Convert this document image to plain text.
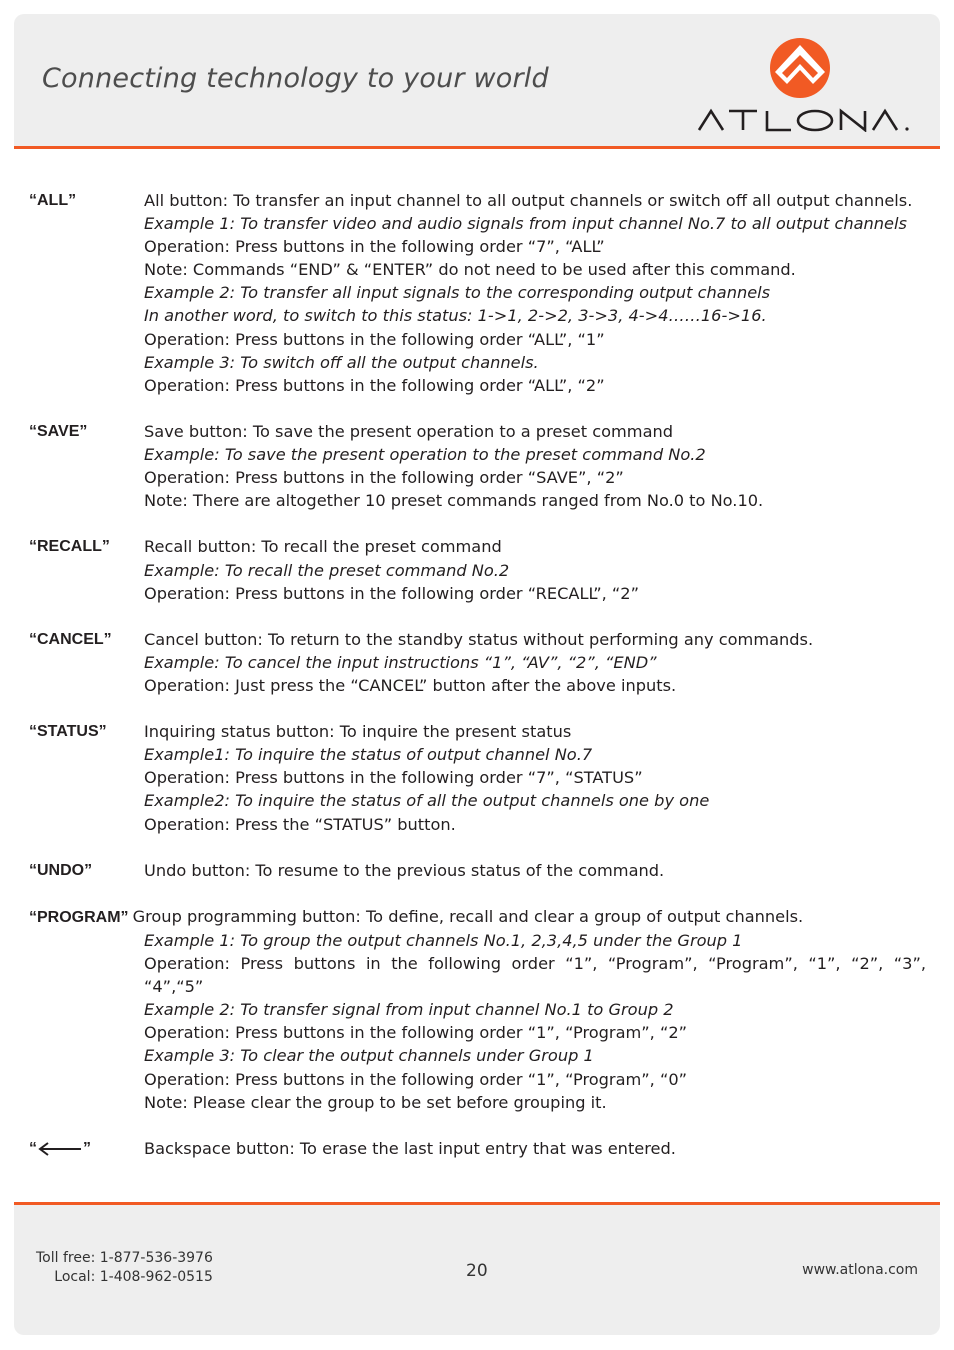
Connecting technology to your world
“ALL”	All button: To transfer an input channel to all output channels or switch off all output channels.
Example 1: To transfer video and audio signals from input channel No.7 to all output channels
Operation: Press buttons in the following order “7”, “ALL”
Note: Commands “END” & “ENTER” do not need to be used after this command.
Example 2: To transfer all input signals to the corresponding output channels
In another word, to switch to this status: 1->1, 2->2, 3->3, 4->4……16->16.
Operation: Press buttons in the following order “ALL”, “1”
Example 3: To switch off all the output channels.
Operation: Press buttons in the following order “ALL”, “2”
“SAVE”	Save button: To save the present operation to a preset command
Example: To save the present operation to the preset command No.2
Operation: Press buttons in the following order “SAVE”, “2”
Note: There are altogether 10 preset commands ranged from No.0 to No.10.
“RECALL” Recall button: To recall the preset command
Example: To recall the preset command No.2
Operation: Press buttons in the following order “RECALL”, “2”
“CANCEL” Cancel button: To return to the standby status without performing any commands.
Example: To cancel the input instructions “1”, “AV”, “2”, “END”
Operation: Just press the “CANCEL” button after the above inputs.
“STATUS” Inquiring status button: To inquire the present status
Example1: To inquire the status of output channel No.7
Operation: Press buttons in the following order “7”, “STATUS”
Example2: To inquire the status of all the output channels one by one
Operation: Press the “STATUS” button.
“UNDO”	Undo button: To resume to the previous status of the command.
“PROGRAM” Group programming button: To define, recall and clear a group of output channels.
Example 1: To group the output channels No.1, 2,3,4,5 under the Group 1
Operation: Press buttons in the following order “1”, “Program”, “Program”, “1”, “2”, “3”,
“4”,“5”
Example 2: To transfer signal from input channel No.1 to Group 2
Operation: Press buttons in the following order “1”, “Program”, “2”
Example 3: To clear the output channels under Group 1
Operation: Press buttons in the following order “1”, “Program”, “0”
Note: Please clear the group to be set before grouping it.
“	”	Backspace button: To erase the last input entry that was entered.
Toll free: 1-877-536-3976
Local: 1-408-962-0515	20	www.atlona.com
